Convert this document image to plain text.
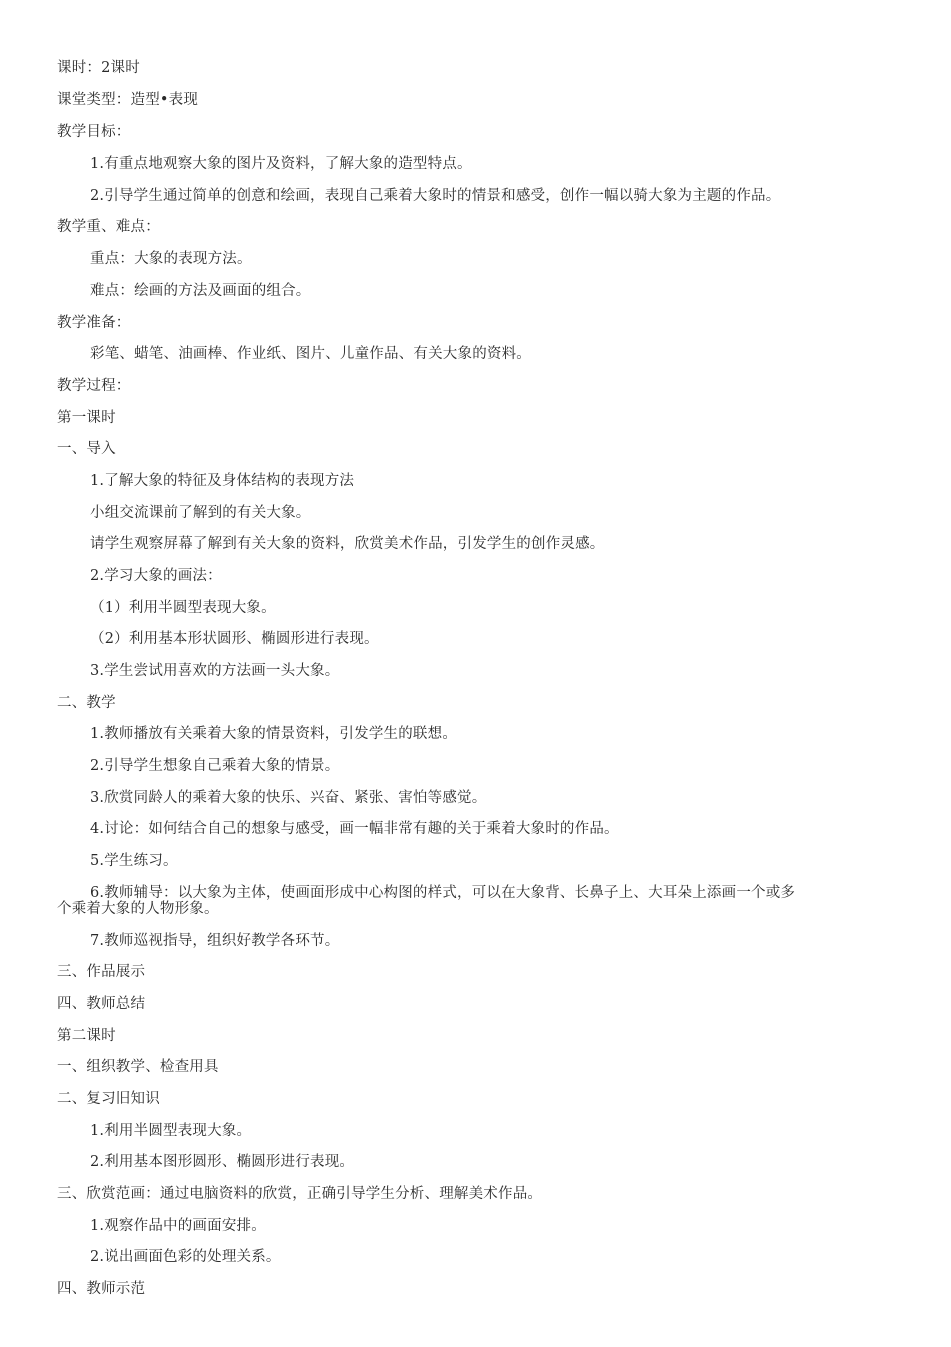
课时：2课时
课堂类型：造型•表现
教学目标：
1.有重点地观察大象的图片及资料，了解大象的造型特点。
2.引导学生通过简单的创意和绘画，表现自己乘着大象时的情景和感受，创作一幅以骑大象为主题的作品。
教学重、难点：
重点：大象的表现方法。
难点：绘画的方法及画面的组合。
教学准备：
彩笔、蜡笔、油画棒、作业纸、图片、儿童作品、有关大象的资料。
教学过程：
第一课时
一、导入
1.了解大象的特征及身体结构的表现方法
小组交流课前了解到的有关大象。
请学生观察屏幕了解到有关大象的资料，欣赏美术作品，引发学生的创作灵感。
2.学习大象的画法：
（1）利用半圆型表现大象。
（2）利用基本形状圆形、椭圆形进行表现。
3.学生尝试用喜欢的方法画一头大象。
二、教学
1.教师播放有关乘着大象的情景资料，引发学生的联想。
2.引导学生想象自己乘着大象的情景。
3.欣赏同龄人的乘着大象的快乐、兴奋、紧张、害怕等感觉。
4.讨论：如何结合自己的想象与感受，画一幅非常有趣的关于乘着大象时的作品。
5.学生练习。
6.教师辅导：以大象为主体，使画面形成中心构图的样式，可以在大象背、长鼻子上、大耳朵上添画一个或多
个乘着大象的人物形象。
7.教师巡视指导，组织好教学各环节。
三、作品展示
四、教师总结
第二课时
一、组织教学、检查用具
二、复习旧知识
1.利用半圆型表现大象。
2.利用基本图形圆形、椭圆形进行表现。
三、欣赏范画：通过电脑资料的欣赏，正确引导学生分析、理解美术作品。
1.观察作品中的画面安排。
2.说出画面色彩的处理关系。
四、教师示范
